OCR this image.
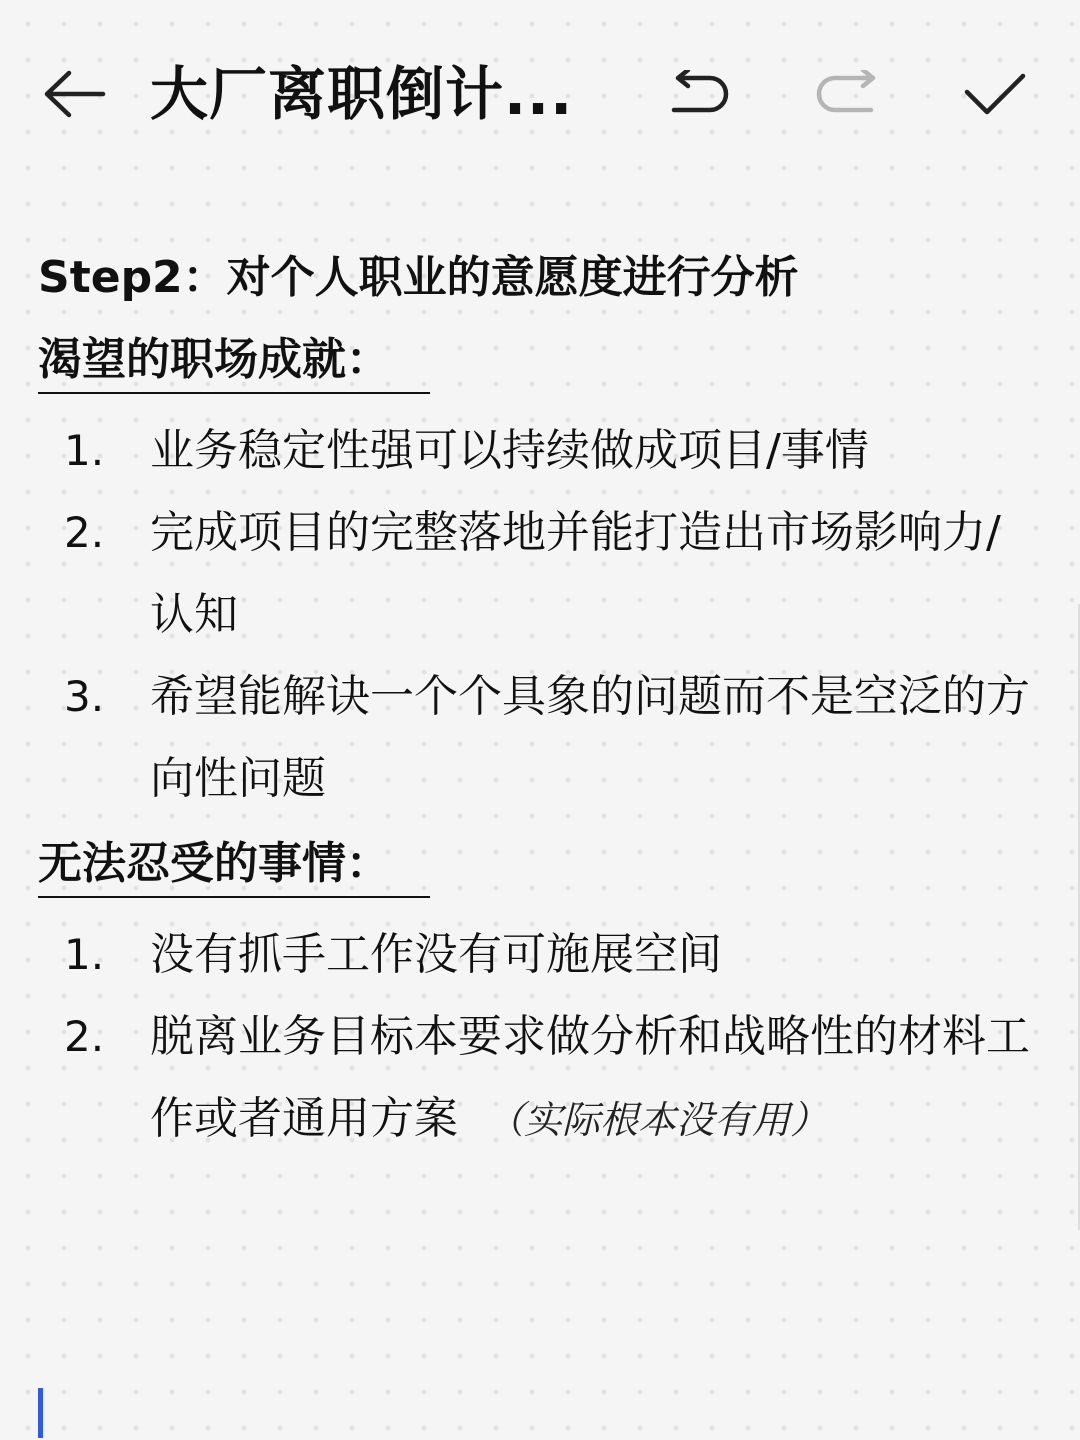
大厂离职倒计...
Step2：对个人职业的意愿度进行分析
渴望的职场成就：
1.	业务稳定性强可以持续做成项目/事情
2.	完成项目的完整落地并能打造出市场影响力/认知
3.	希望能解诀一个个具象的问题而不是空泛的方向性问题
无法忍受的事情：
1.	没有抓手工作没有可施展空间
2.	脱离业务目标本要求做分析和战略性的材料工作或者通用方案 （实际根本没有用）
